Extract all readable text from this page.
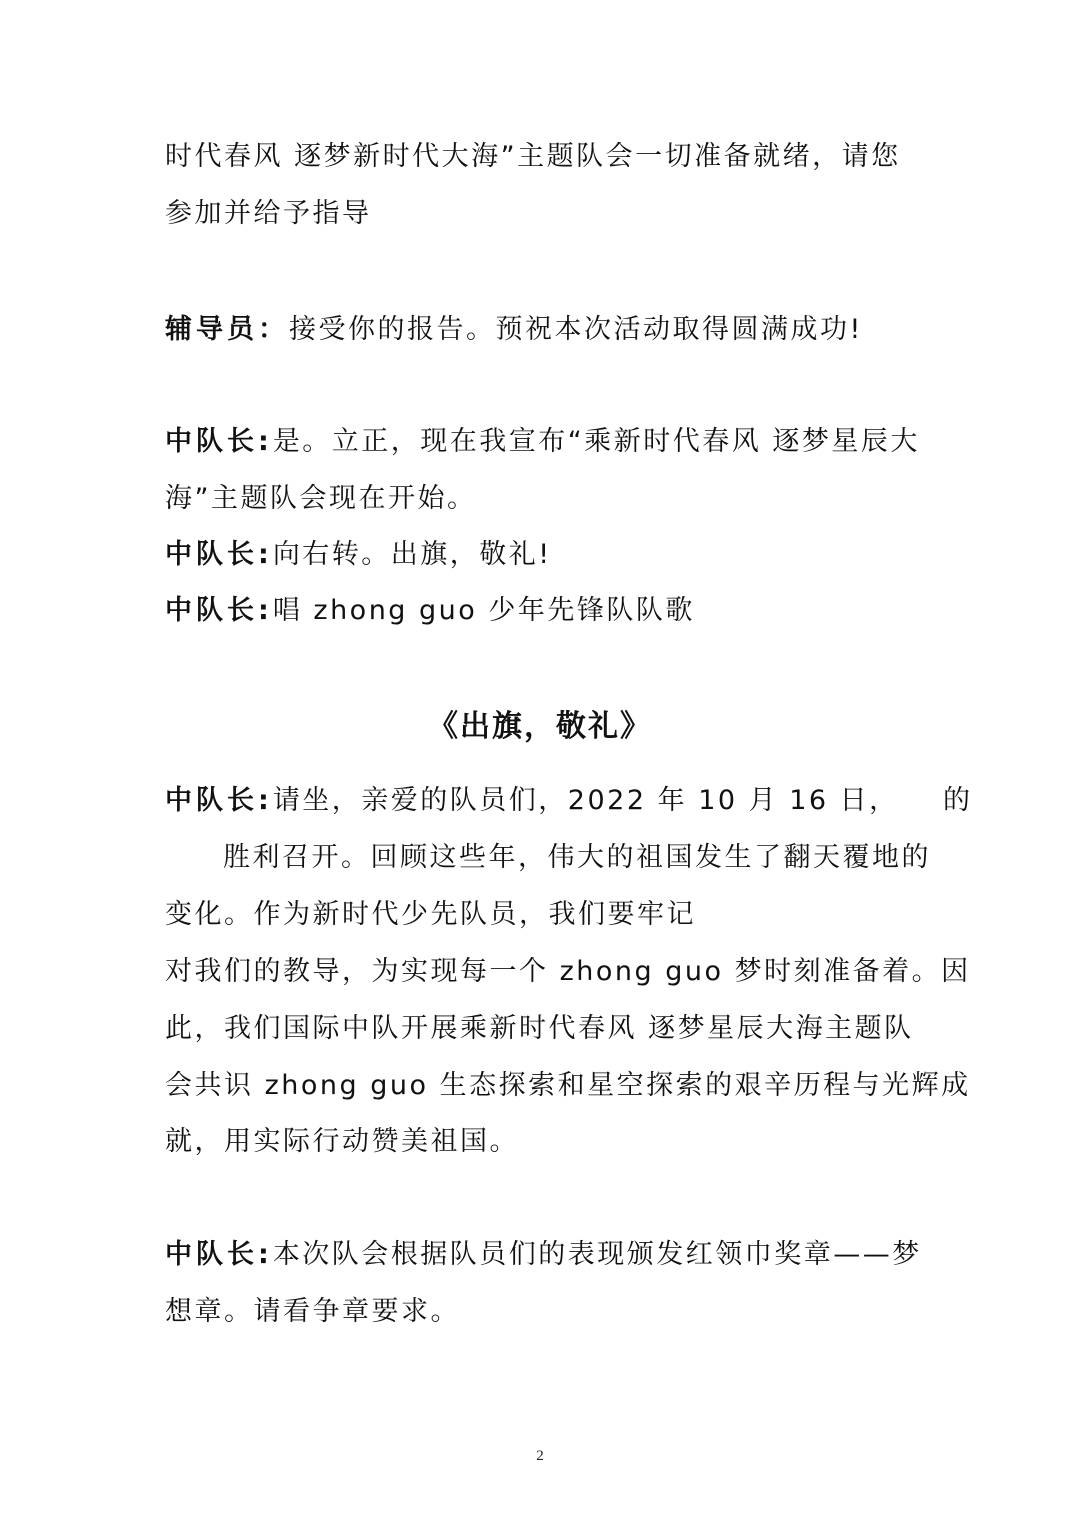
时代春风 逐梦新时代大海”主题队会一切准备就绪，请您
参加并给予指导
辅导员：接受你的报告。预祝本次活动取得圆满成功!
中队长:是。立正，现在我宣布“乘新时代春风 逐梦星辰大
海”主题队会现在开始。
中队长:向右转。出旗，敬礼!
中队长:唱 zhong guo 少年先锋队队歌
《出旗，敬礼》
中队长:请坐，亲爱的队员们，2022 年 10 月 16 日，    的
胜利召开。回顾这些年，伟大的祖国发生了翻天覆地的
变化。作为新时代少先队员，我们要牢记
对我们的教导，为实现每一个 zhong guo 梦时刻准备着。因
此，我们国际中队开展乘新时代春风 逐梦星辰大海主题队
会共识 zhong guo 生态探索和星空探索的艰辛历程与光辉成
就，用实际行动赞美祖国。
中队长:本次队会根据队员们的表现颁发红领巾奖章——梦
想章。请看争章要求。
2
